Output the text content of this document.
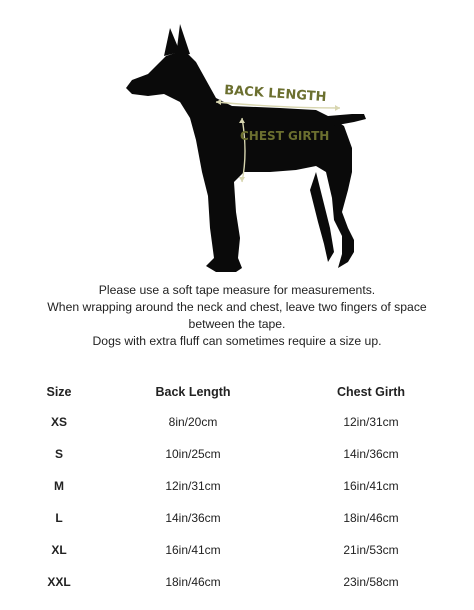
BACK LENGTH
CHEST GIRTH
Please use a soft tape measure for measurements.
When wrapping around the neck and chest, leave two fingers of space
between the tape.
Dogs with extra fluff can sometimes require a size up.
Size	Back Length	Chest Girth
XS	8in/20cm	12in/31cm
S	10in/25cm	14in/36cm
M	12in/31cm	16in/41cm
L	14in/36cm	18in/46cm
XL	16in/41cm	21in/53cm
XXL	18in/46cm	23in/58cm
